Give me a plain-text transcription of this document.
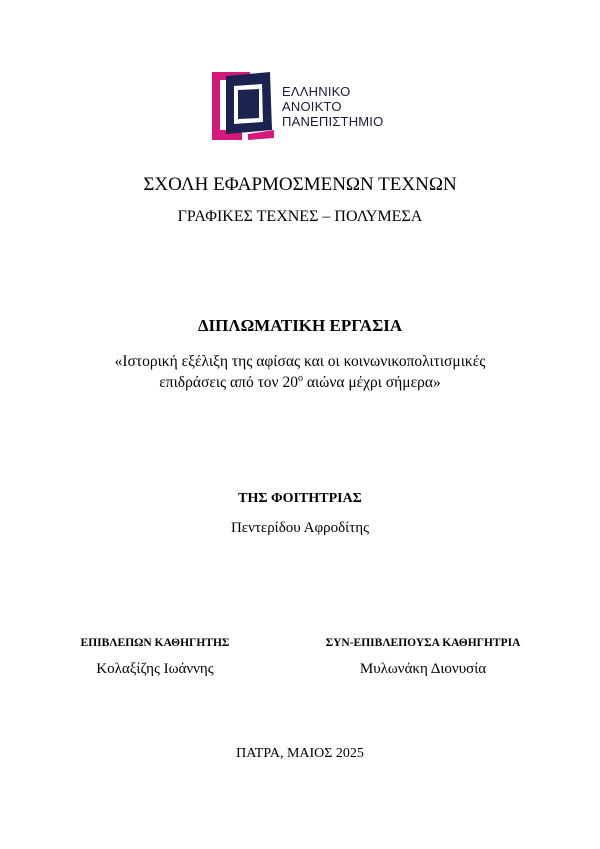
ΕΛΛΗΝΙΚΟ
ΑΝΟΙΚΤΟ
ΠΑΝΕΠΙΣΤΗΜΙΟ
ΣΧΟΛΗ ΕΦΑΡΜΟΣΜΕΝΩΝ ΤΕΧΝΩΝ
ΓΡΑΦΙΚΕΣ ΤΕΧΝΕΣ – ΠΟΛΥΜΕΣΑ
ΔΙΠΛΩΜΑΤΙΚΗ ΕΡΓΑΣΙΑ
«Ιστορική εξέλιξη της αφίσας και οι κοινωνικοπολιτισμικές
επιδράσεις από τον $20^o$ αιώνα μέχρι σήμερα»
ΤΗΣ ΦΟΙΤΗΤΡΙΑΣ
Πεντερίδου Αφροδίτης
ΕΠΙΒΛΕΠΩΝ ΚΑΘΗΓΗΤΗΣ
Κολαξίζης Ιωάννης
ΣΥΝ-ΕΠΙΒΛΕΠΟΥΣΑ ΚΑΘΗΓΗΤΡΙΑ
Μυλωνάκη Διονυσία
ΠΑΤΡΑ, ΜΑΙΟΣ 2025
